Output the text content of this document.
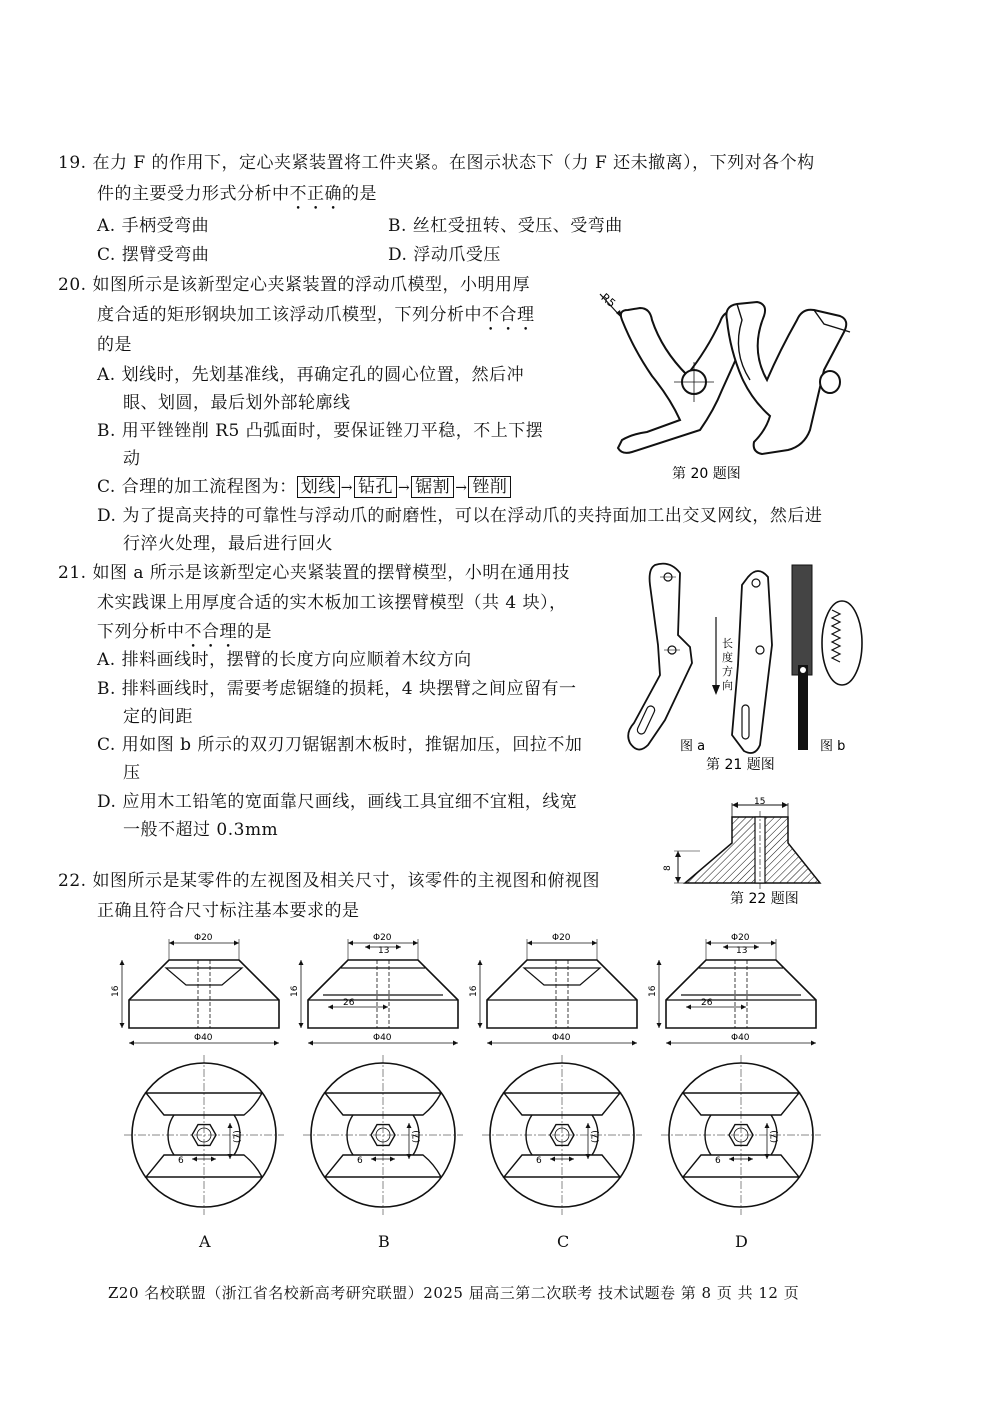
19. 在力 F 的作用下，定心夹紧装置将工件夹紧。在图示状态下（力 F 还未撤离），下列对各个构
件的主要受力形式分析中不正确的是
A. 手柄受弯曲	B. 丝杠受扭转、受压、受弯曲
C. 摆臂受弯曲	D. 浮动爪受压
20. 如图所示是该新型定心夹紧装置的浮动爪模型，小明用厚
度合适的矩形钢块加工该浮动爪模型，下列分析中不合理
的是
A. 划线时，先划基准线，再确定孔的圆心位置，然后冲
眼、划圆，最后划外部轮廓线
B. 用平锉锉削 R5 凸弧面时，要保证锉刀平稳，不上下摆
动
C. 合理的加工流程图为： 划线 → 钻孔 → 锯割 → 锉削
D. 为了提高夹持的可靠性与浮动爪的耐磨性，可以在浮动爪的夹持面加工出交叉网纹，然后进
行淬火处理，最后进行回火
R5
第 20 题图
21. 如图 a 所示是该新型定心夹紧装置的摆臂模型，小明在通用技
术实践课上用厚度合适的实木板加工该摆臂模型（共 4 块），
下列分析中不合理的是
A. 排料画线时，摆臂的长度方向应顺着木纹方向
B. 排料画线时，需要考虑锯缝的损耗，4 块摆臂之间应留有一
定的间距
C. 用如图 b 所示的双刃刀锯锯割木板时，推锯加压，回拉不加
压
D. 应用木工铅笔的宽面靠尺画线，画线工具宜细不宜粗，线宽
一般不超过 0.3mm
长
度
方
向
图 a	图 b
第 21 题图
22. 如图所示是某零件的左视图及相关尺寸，该零件的主视图和俯视图
正确且符合尺寸标注基本要求的是
15
8
第 22 题图
Φ20
Φ40
16
6
(7)
Φ20
Φ40
16
13
26
6
(7)
Φ20
Φ40
16
6
(7)
Φ20
Φ40
16
13
26
6
(7)
A	B	C	D
Z20 名校联盟（浙江省名校新高考研究联盟）2025 届高三第二次联考 技术试题卷 第 8 页 共 12 页
